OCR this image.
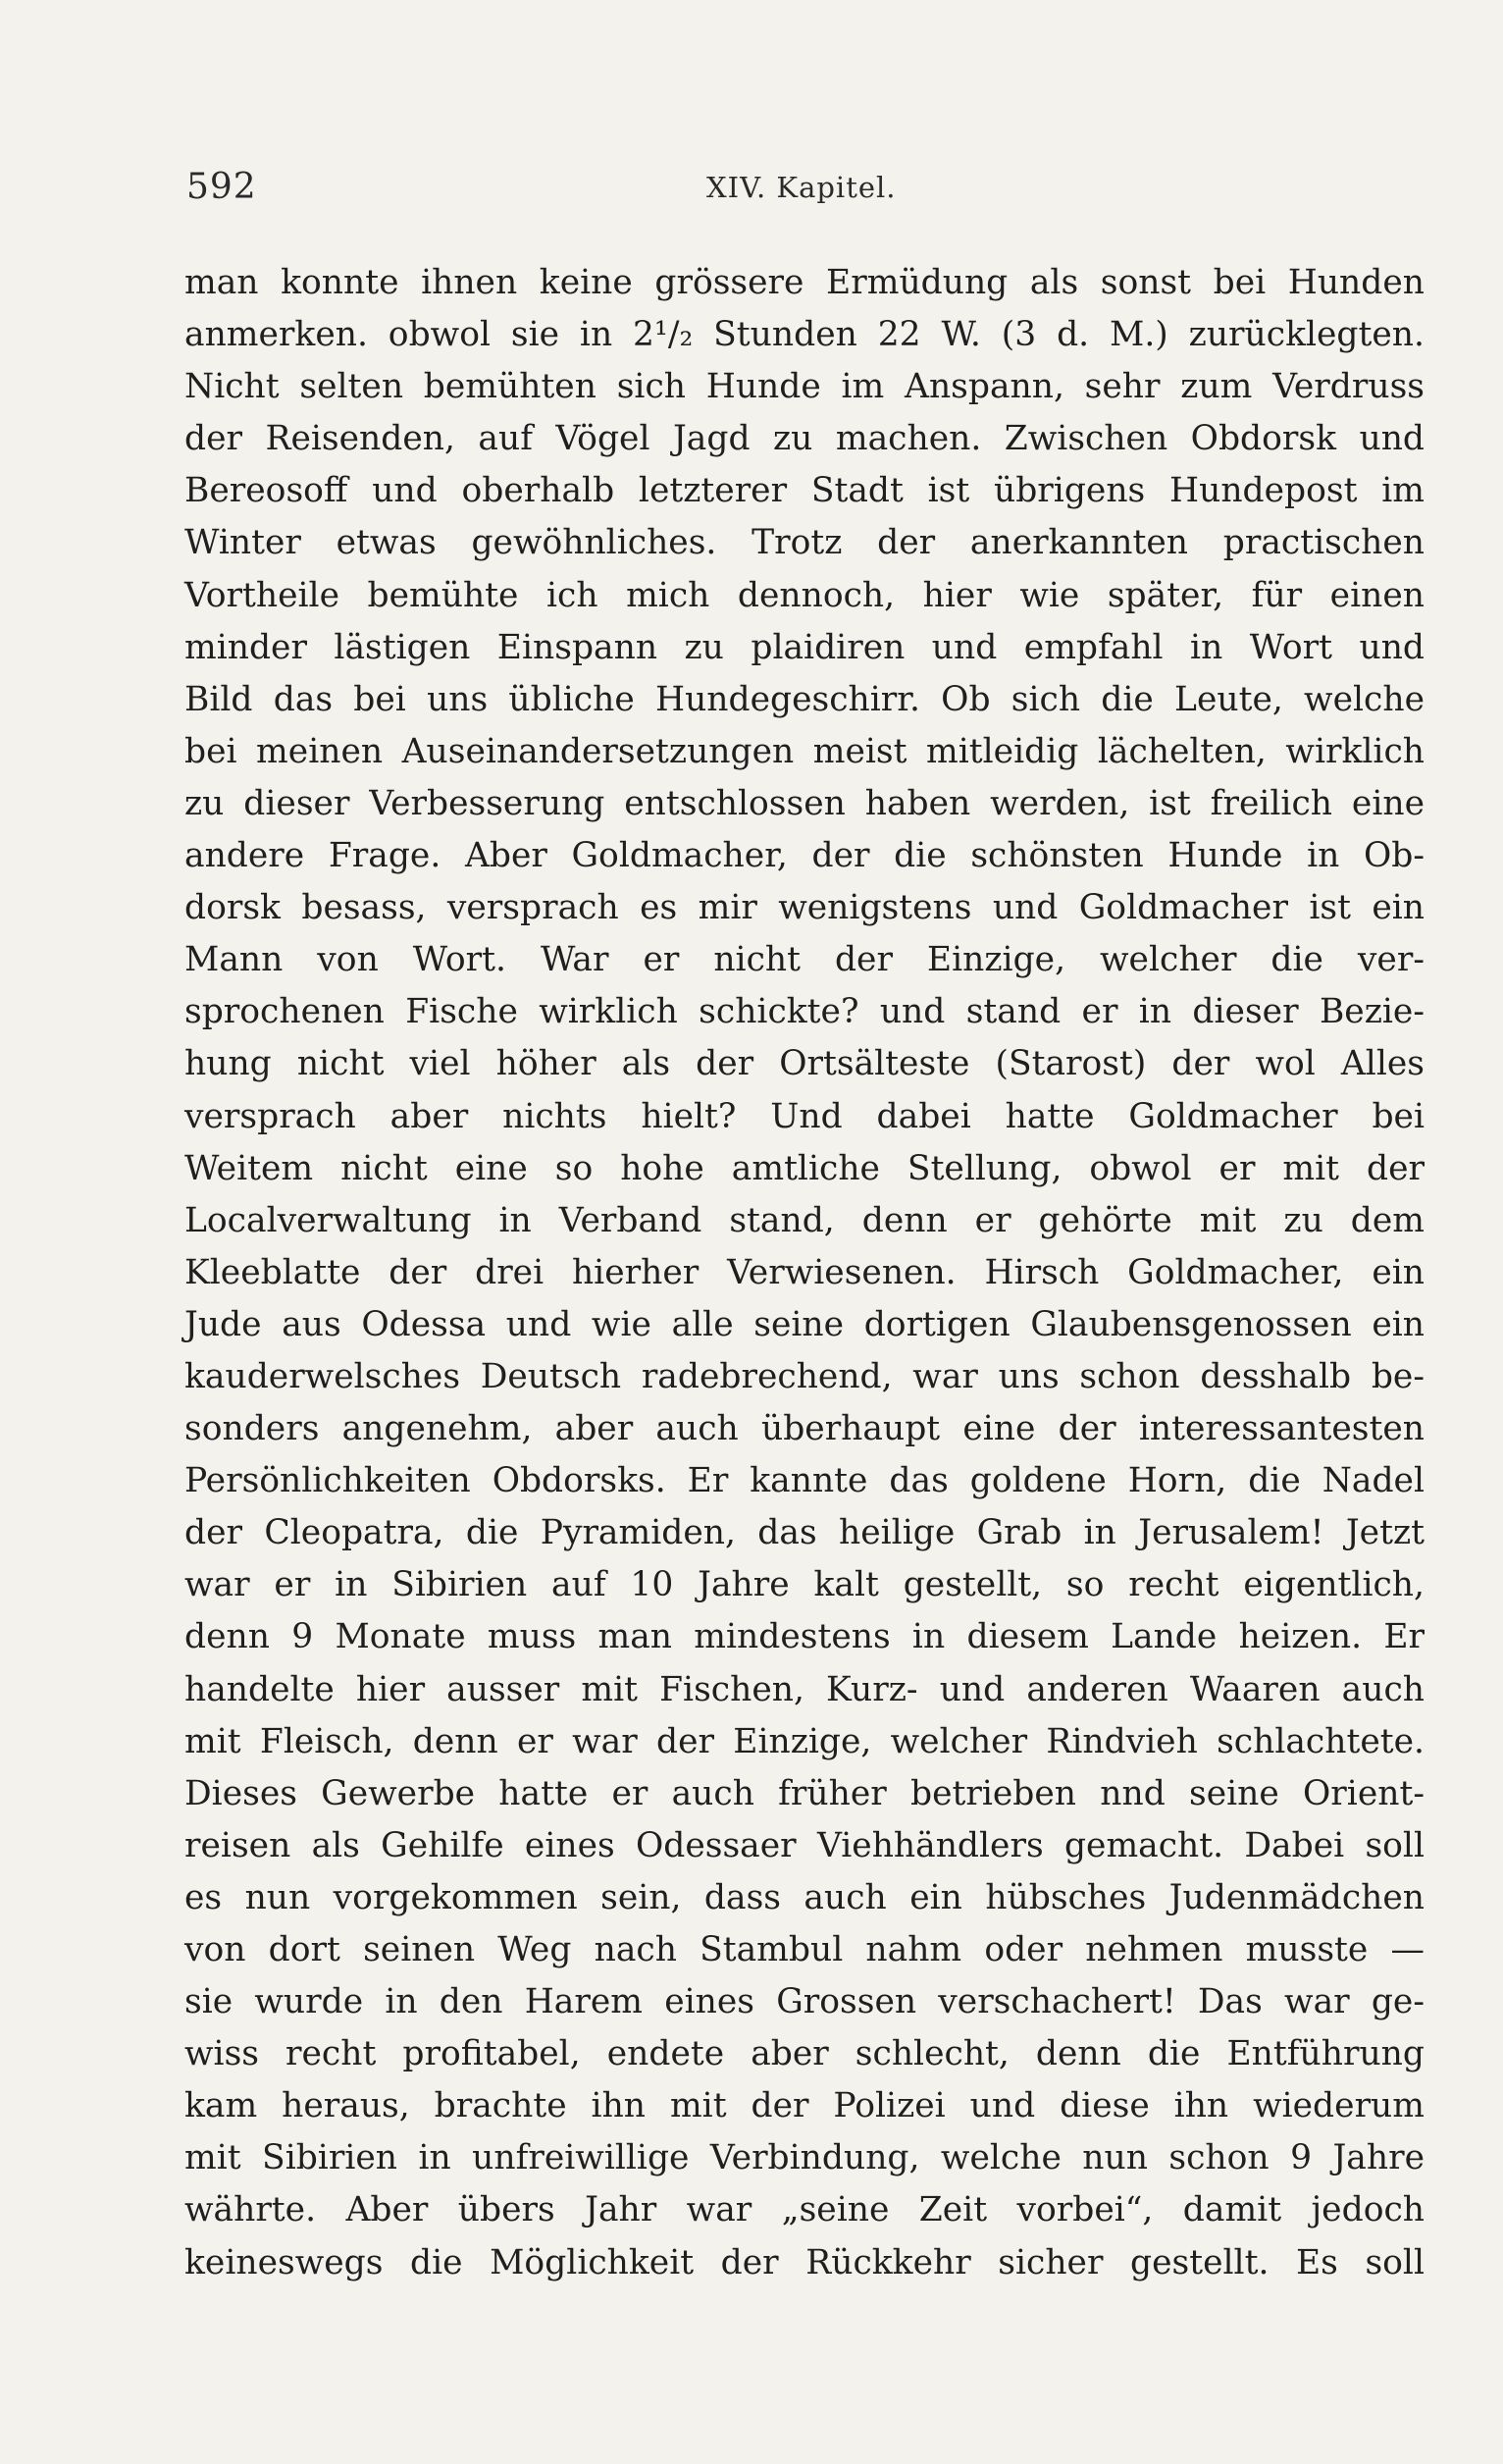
592	XIV. Kapitel.
man konnte ihnen keine grössere Ermüdung als sonst bei Hunden
anmerken. obwol sie in 2¹/₂ Stunden 22 W. (3 d. M.) zurücklegten.
Nicht selten bemühten sich Hunde im Anspann, sehr zum Verdruss
der Reisenden, auf Vögel Jagd zu machen. Zwischen Obdorsk und
Bereosoff und oberhalb letzterer Stadt ist übrigens Hundepost im
Winter etwas gewöhnliches. Trotz der anerkannten practischen
Vortheile bemühte ich mich dennoch, hier wie später, für einen
minder lästigen Einspann zu plaidiren und empfahl in Wort und
Bild das bei uns übliche Hundegeschirr. Ob sich die Leute, welche
bei meinen Auseinandersetzungen meist mitleidig lächelten, wirklich
zu dieser Verbesserung entschlossen haben werden, ist freilich eine
andere Frage. Aber Goldmacher, der die schönsten Hunde in Ob-
dorsk besass, versprach es mir wenigstens und Goldmacher ist ein
Mann von Wort. War er nicht der Einzige, welcher die ver-
sprochenen Fische wirklich schickte? und stand er in dieser Bezie-
hung nicht viel höher als der Ortsälteste (Starost) der wol Alles
versprach aber nichts hielt? Und dabei hatte Goldmacher bei
Weitem nicht eine so hohe amtliche Stellung, obwol er mit der
Localverwaltung in Verband stand, denn er gehörte mit zu dem
Kleeblatte der drei hierher Verwiesenen. Hirsch Goldmacher, ein
Jude aus Odessa und wie alle seine dortigen Glaubensgenossen ein
kauderwelsches Deutsch radebrechend, war uns schon desshalb be-
sonders angenehm, aber auch überhaupt eine der interessantesten
Persönlichkeiten Obdorsks. Er kannte das goldene Horn, die Nadel
der Cleopatra, die Pyramiden, das heilige Grab in Jerusalem! Jetzt
war er in Sibirien auf 10 Jahre kalt gestellt, so recht eigentlich,
denn 9 Monate muss man mindestens in diesem Lande heizen. Er
handelte hier ausser mit Fischen, Kurz- und anderen Waaren auch
mit Fleisch, denn er war der Einzige, welcher Rindvieh schlachtete.
Dieses Gewerbe hatte er auch früher betrieben nnd seine Orient-
reisen als Gehilfe eines Odessaer Viehhändlers gemacht. Dabei soll
es nun vorgekommen sein, dass auch ein hübsches Judenmädchen
von dort seinen Weg nach Stambul nahm oder nehmen musste —
sie wurde in den Harem eines Grossen verschachert! Das war ge-
wiss recht profitabel, endete aber schlecht, denn die Entführung
kam heraus, brachte ihn mit der Polizei und diese ihn wiederum
mit Sibirien in unfreiwillige Verbindung, welche nun schon 9 Jahre
währte. Aber übers Jahr war „seine Zeit vorbei“, damit jedoch
keineswegs die Möglichkeit der Rückkehr sicher gestellt. Es soll
